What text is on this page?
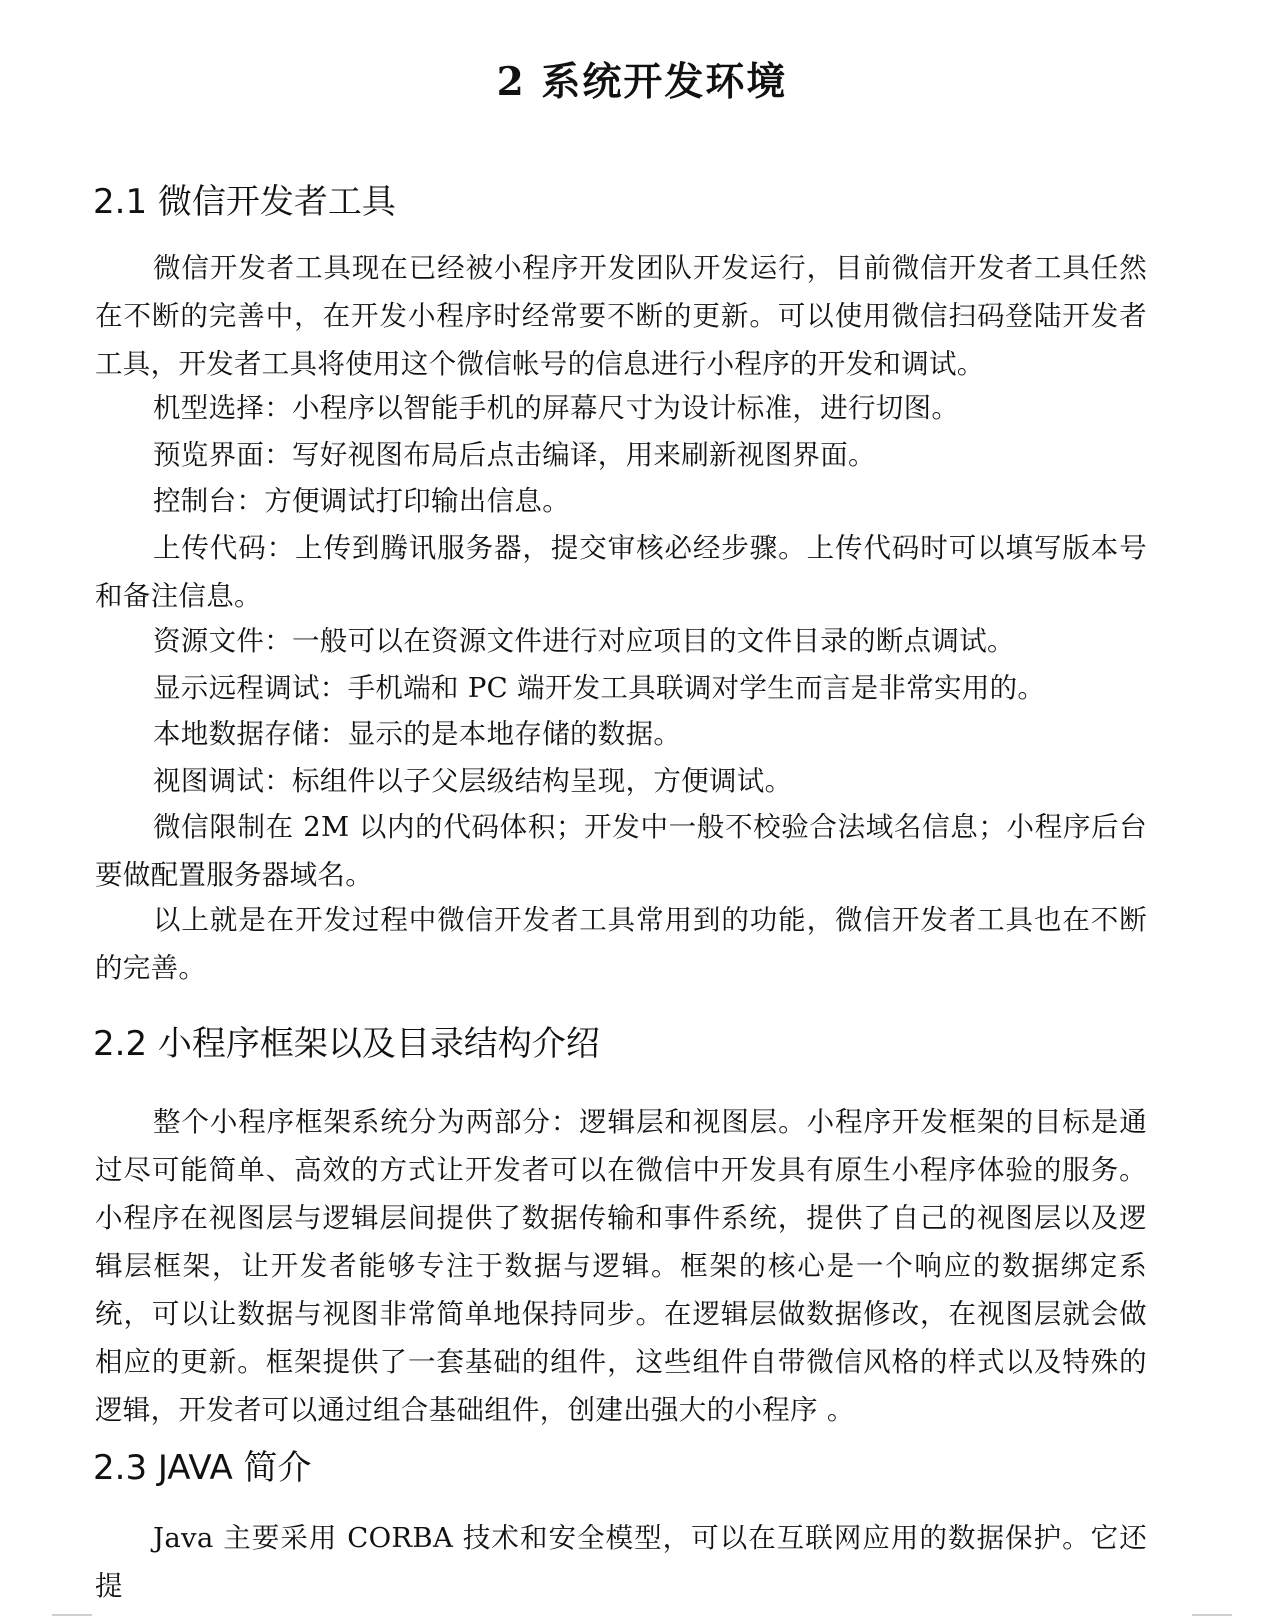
2 系统开发环境
2.1 微信开发者工具

微信开发者工具现在已经被小程序开发团队开发运行，目前微信开发者工具任然在不断的完善中，在开发小程序时经常要不断的更新。可以使用微信扫码登陆开发者工具，开发者工具将使用这个微信帐号的信息进行小程序的开发和调试。

机型选择：小程序以智能手机的屏幕尺寸为设计标准，进行切图。

预览界面：写好视图布局后点击编译，用来刷新视图界面。

控制台：方便调试打印输出信息。

上传代码：上传到腾讯服务器，提交审核必经步骤。上传代码时可以填写版本号和备注信息。

资源文件：一般可以在资源文件进行对应项目的文件目录的断点调试。

显示远程调试：手机端和 PC 端开发工具联调对学生而言是非常实用的。

本地数据存储：显示的是本地存储的数据。

视图调试：标组件以子父层级结构呈现，方便调试。

微信限制在 2M 以内的代码体积；开发中一般不校验合法域名信息；小程序后台要做配置服务器域名。

以上就是在开发过程中微信开发者工具常用到的功能，微信开发者工具也在不断的完善。

2.2 小程序框架以及目录结构介绍

整个小程序框架系统分为两部分：逻辑层和视图层。小程序开发框架的目标是通过尽可能简单、高效的方式让开发者可以在微信中开发具有原生小程序体验的服务。小程序在视图层与逻辑层间提供了数据传输和事件系统，提供了自己的视图层以及逻辑层框架，让开发者能够专注于数据与逻辑。框架的核心是一个响应的数据绑定系统，可以让数据与视图非常简单地保持同步。在逻辑层做数据修改，在视图层就会做相应的更新。框架提供了一套基础的组件，这些组件自带微信风格的样式以及特殊的逻辑，开发者可以通过组合基础组件，创建出强大的小程序 。

2.3 JAVA 简介

Java 主要采用 CORBA 技术和安全模型，可以在互联网应用的数据保护。它还提
